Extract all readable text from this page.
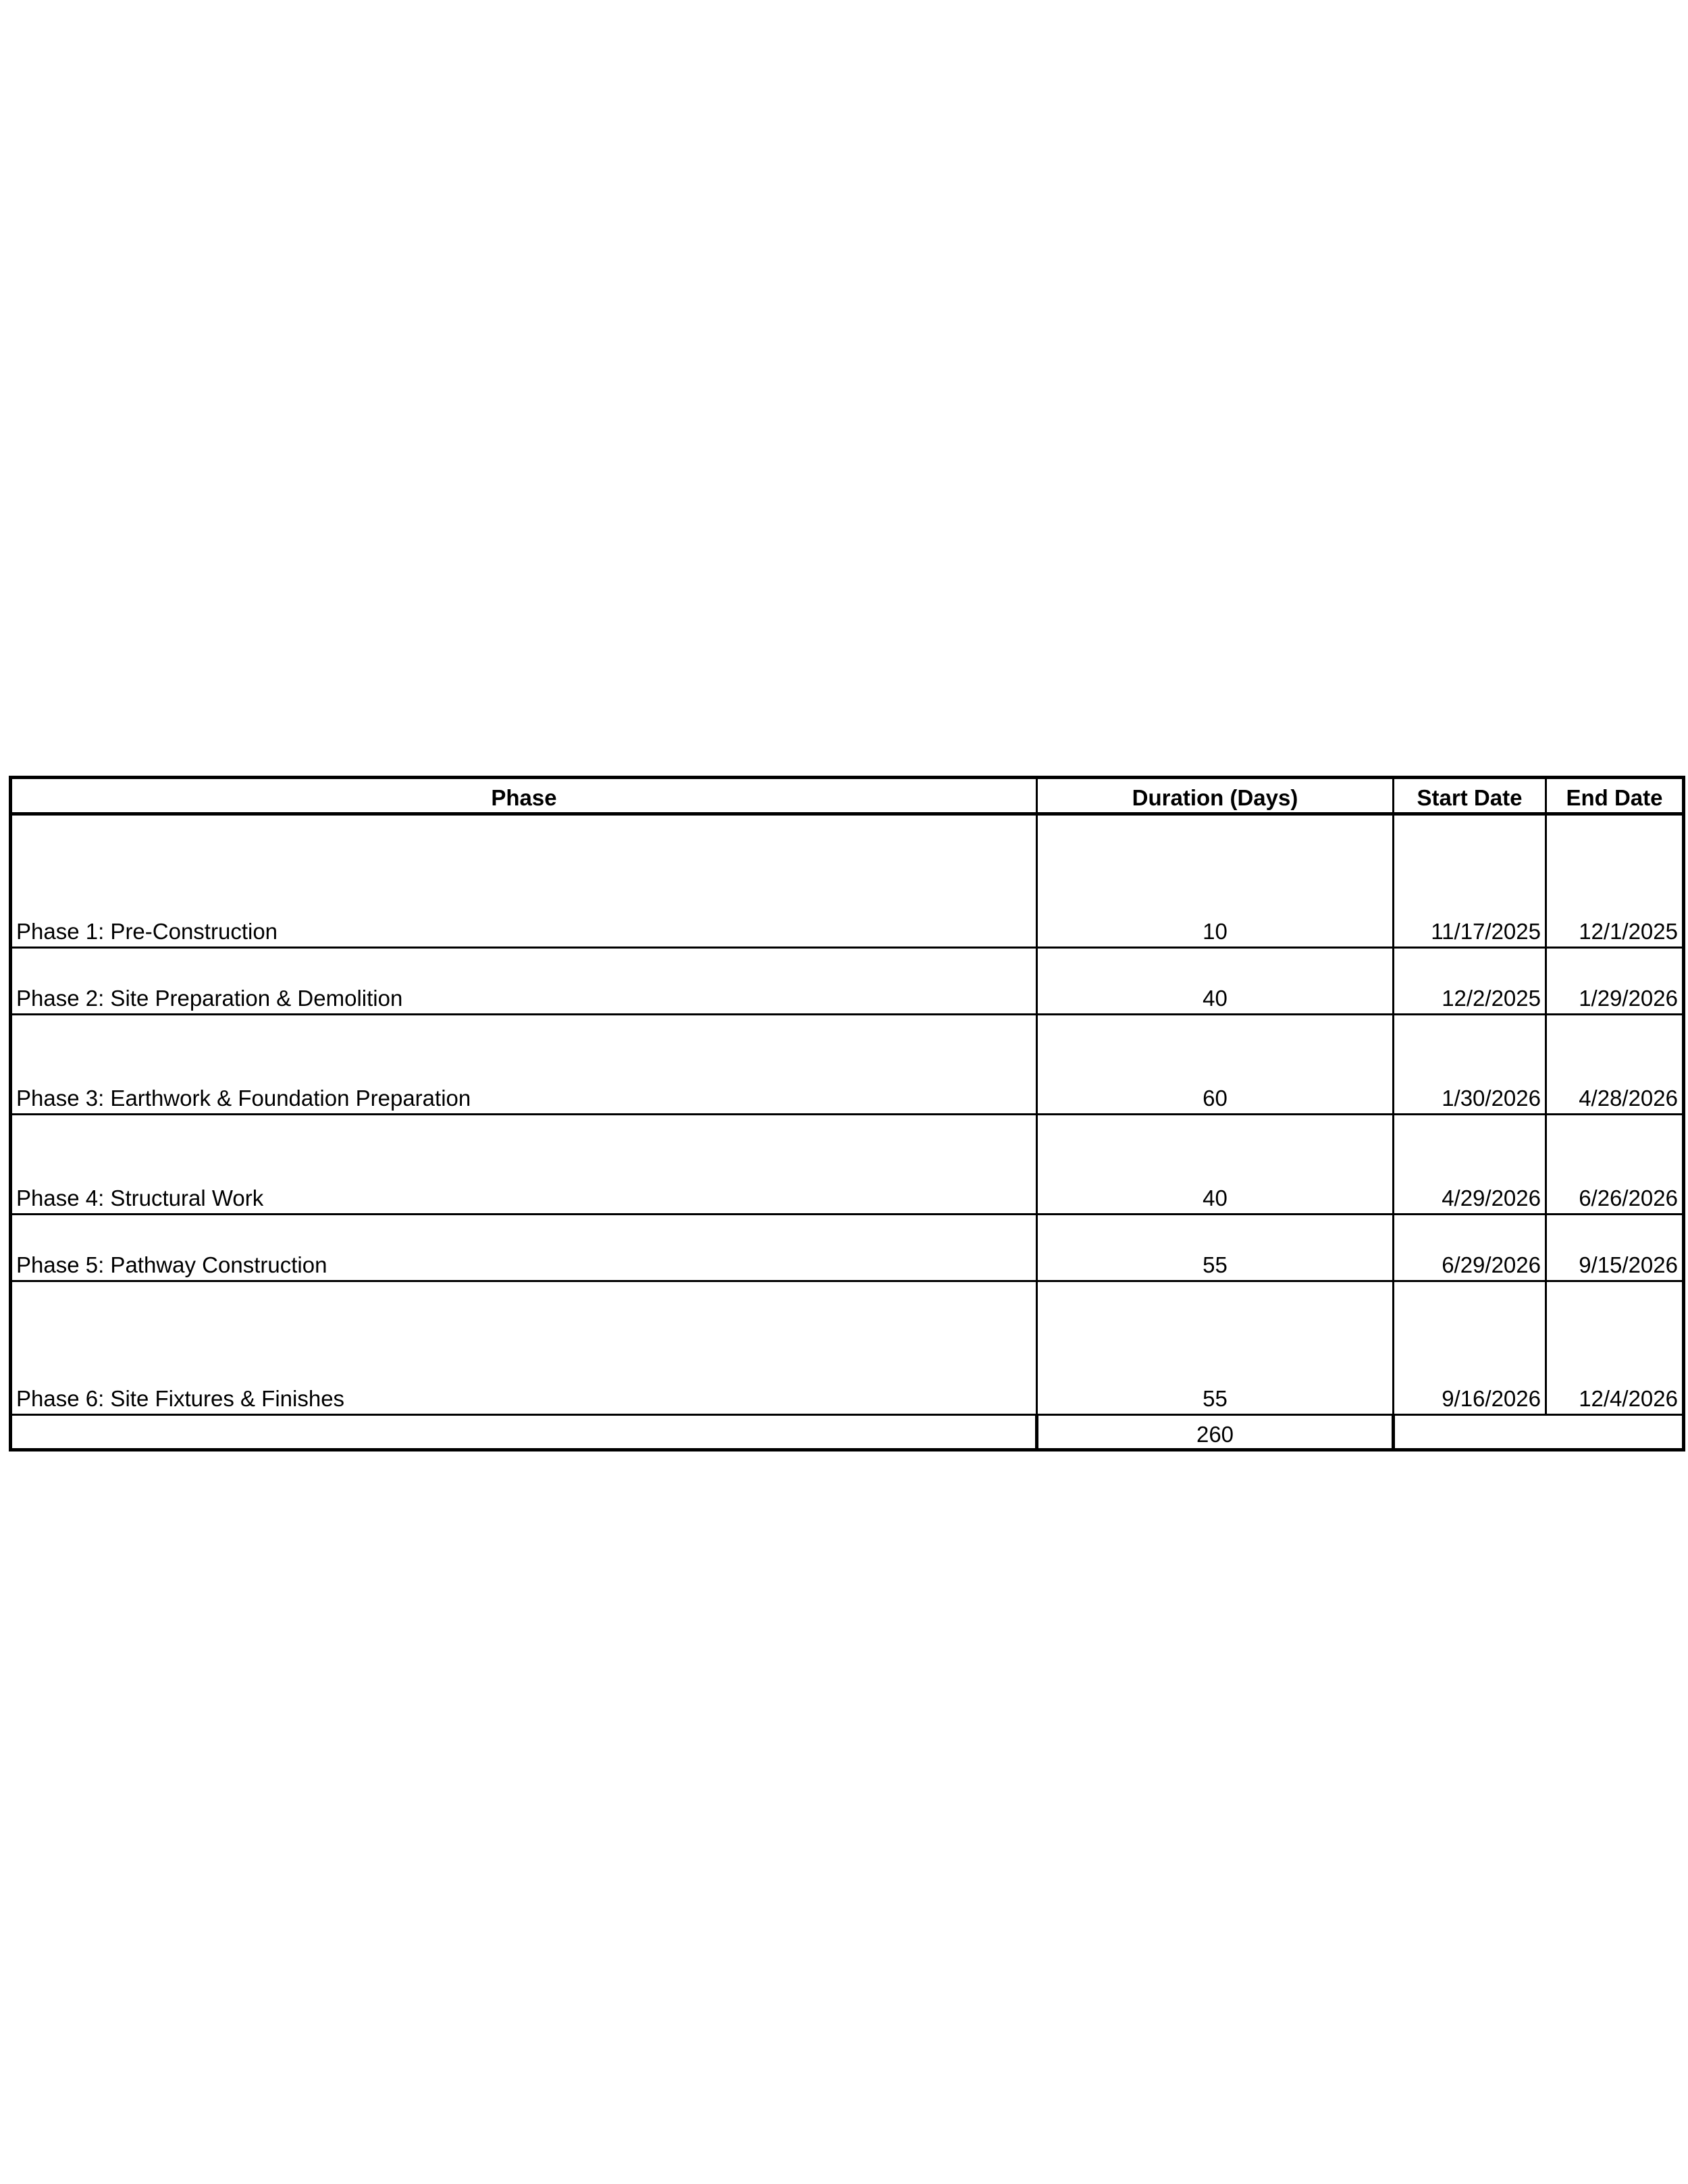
Phase	Duration (Days)	Start Date	End Date
Phase 1: Pre-Construction	10	11/17/2025	12/1/2025
Phase 2: Site Preparation & Demolition	40	12/2/2025	1/29/2026
Phase 3: Earthwork & Foundation Preparation	60	1/30/2026	4/28/2026
Phase 4: Structural Work	40	4/29/2026	6/26/2026
Phase 5: Pathway Construction	55	6/29/2026	9/15/2026
Phase 6: Site Fixtures & Finishes	55	9/16/2026	12/4/2026
	260		
